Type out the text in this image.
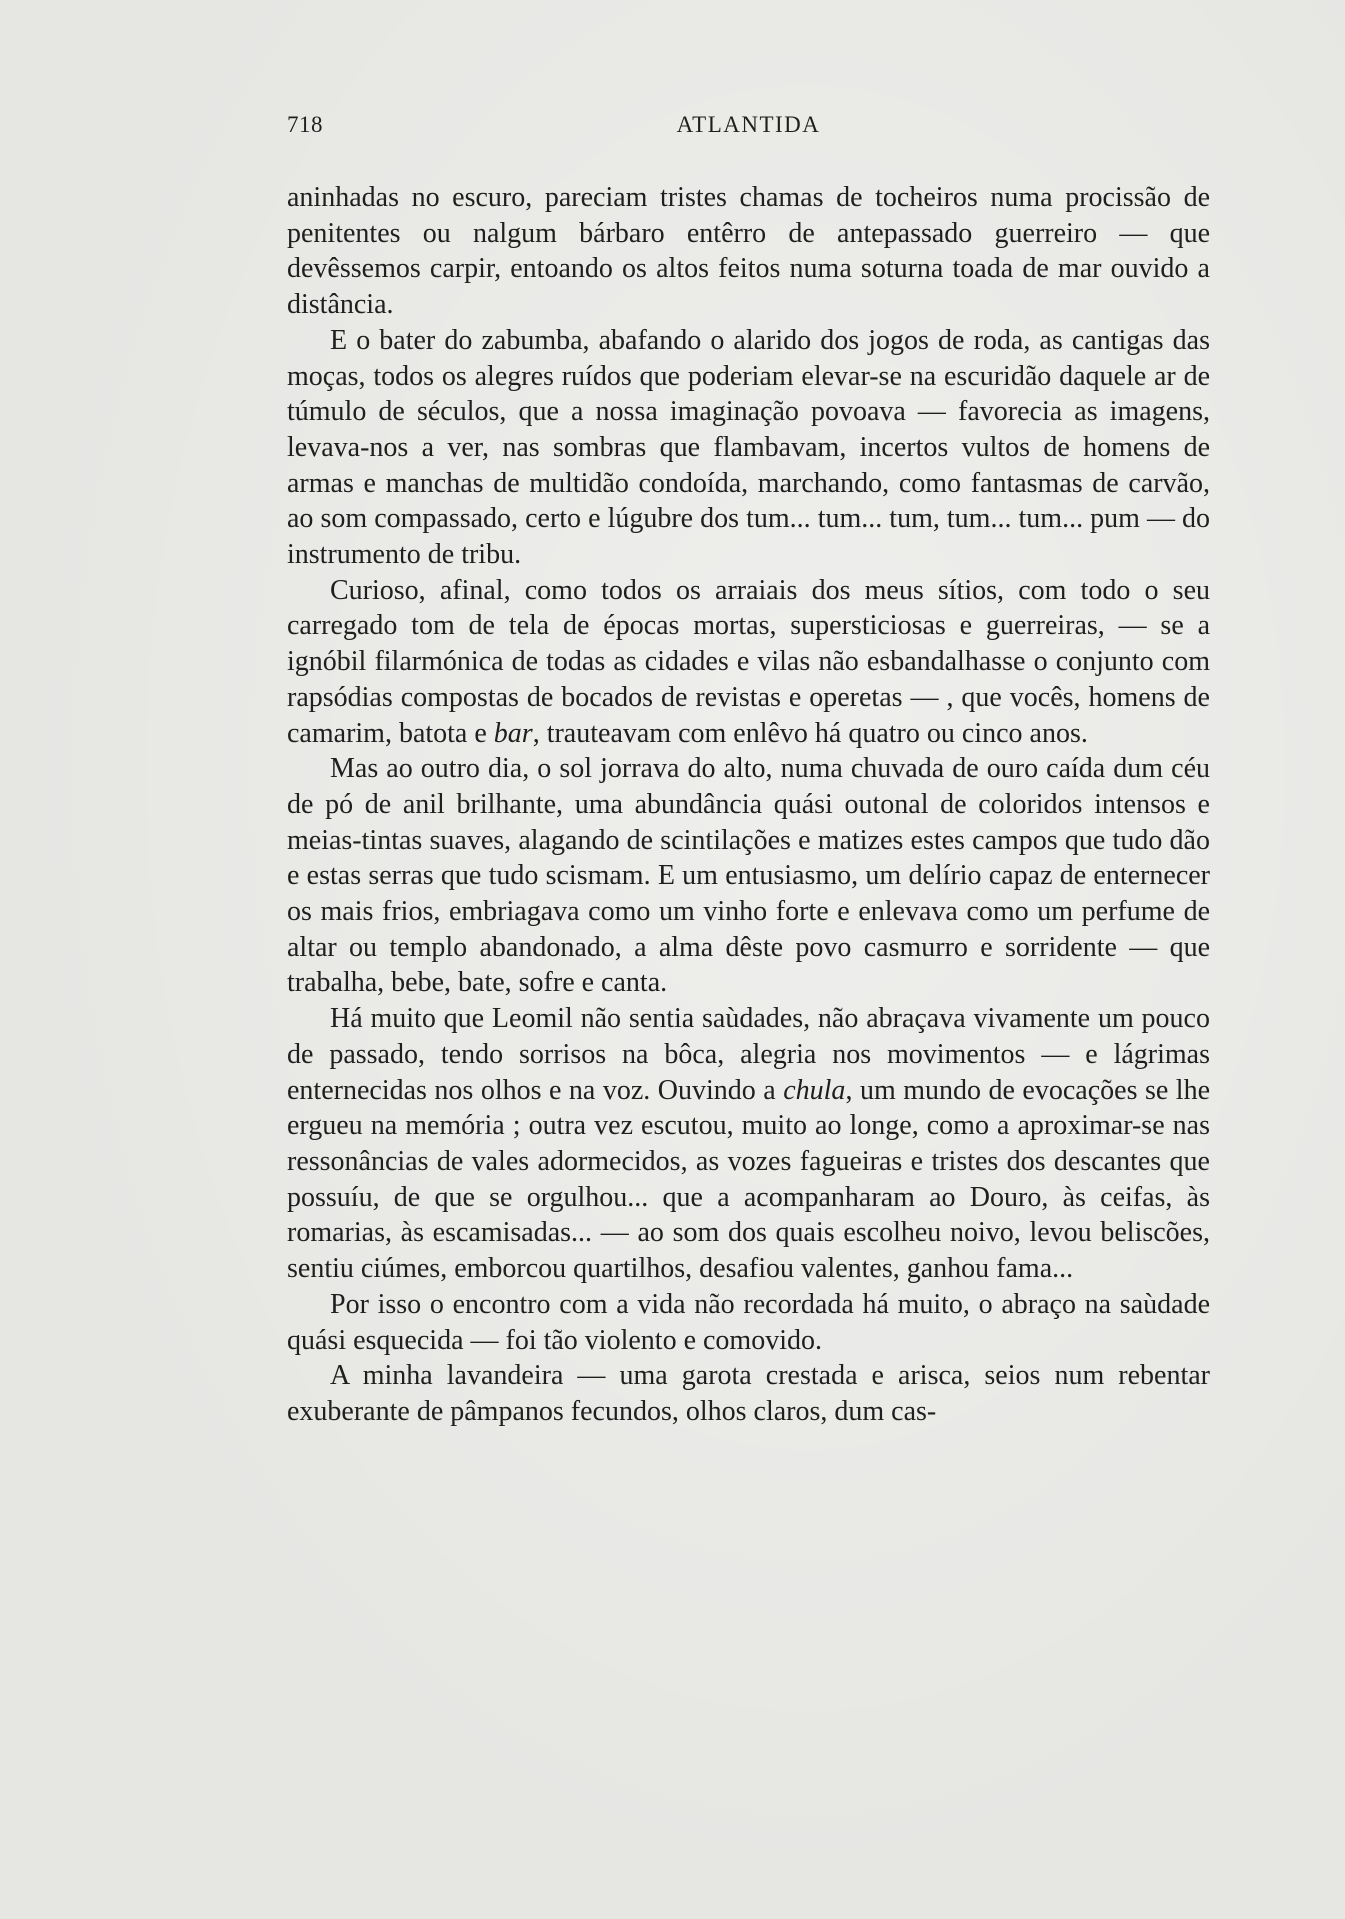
718	ATLANTIDA

aninhadas no escuro, pareciam tristes chamas de tocheiros numa procissão de penitentes ou nalgum bárbaro entêrro de antepassado guerreiro — que devêssemos carpir, entoando os altos feitos numa soturna toada de mar ouvido a distância.

E o bater do zabumba, abafando o alarido dos jogos de roda, as cantigas das moças, todos os alegres ruídos que poderiam elevar-se na escuridão daquele ar de túmulo de séculos, que a nossa imaginação povoava — favorecia as imagens, levava-nos a ver, nas sombras que flambavam, incertos vultos de homens de armas e manchas de multidão condoída, marchando, como fantasmas de carvão, ao som compassado, certo e lúgubre dos tum... tum... tum, tum... tum... pum — do instrumento de tribu.

Curioso, afinal, como todos os arraiais dos meus sítios, com todo o seu carregado tom de tela de épocas mortas, supersticiosas e guerreiras, — se a ignóbil filarmónica de todas as cidades e vilas não esbandalhasse o conjunto com rapsódias compostas de bocados de revistas e operetas — , que vocês, homens de camarim, batota e bar, trauteavam com enlêvo há quatro ou cinco anos.

Mas ao outro dia, o sol jorrava do alto, numa chuvada de ouro caída dum céu de pó de anil brilhante, uma abundância quási outonal de coloridos intensos e meias-tintas suaves, alagando de scintilações e matizes estes campos que tudo dão e estas serras que tudo scismam. E um entusiasmo, um delírio capaz de enternecer os mais frios, embriagava como um vinho forte e enlevava como um perfume de altar ou templo abandonado, a alma dêste povo casmurro e sorridente — que trabalha, bebe, bate, sofre e canta.

Há muito que Leomil não sentia saùdades, não abraçava vivamente um pouco de passado, tendo sorrisos na bôca, alegria nos movimentos — e lágrimas enternecidas nos olhos e na voz. Ouvindo a chula, um mundo de evocações se lhe ergueu na memória ; outra vez escutou, muito ao longe, como a aproximar-se nas ressonâncias de vales adormecidos, as vozes fagueiras e tristes dos descantes que possuíu, de que se orgulhou... que a acompanharam ao Douro, às ceifas, às romarias, às escamisadas... — ao som dos quais escolheu noivo, levou beliscões, sentiu ciúmes, emborcou quartilhos, desafiou valentes, ganhou fama...

Por isso o encontro com a vida não recordada há muito, o abraço na saùdade quási esquecida — foi tão violento e comovido.

A minha lavandeira — uma garota crestada e arisca, seios num rebentar exuberante de pâmpanos fecundos, olhos claros, dum cas-
